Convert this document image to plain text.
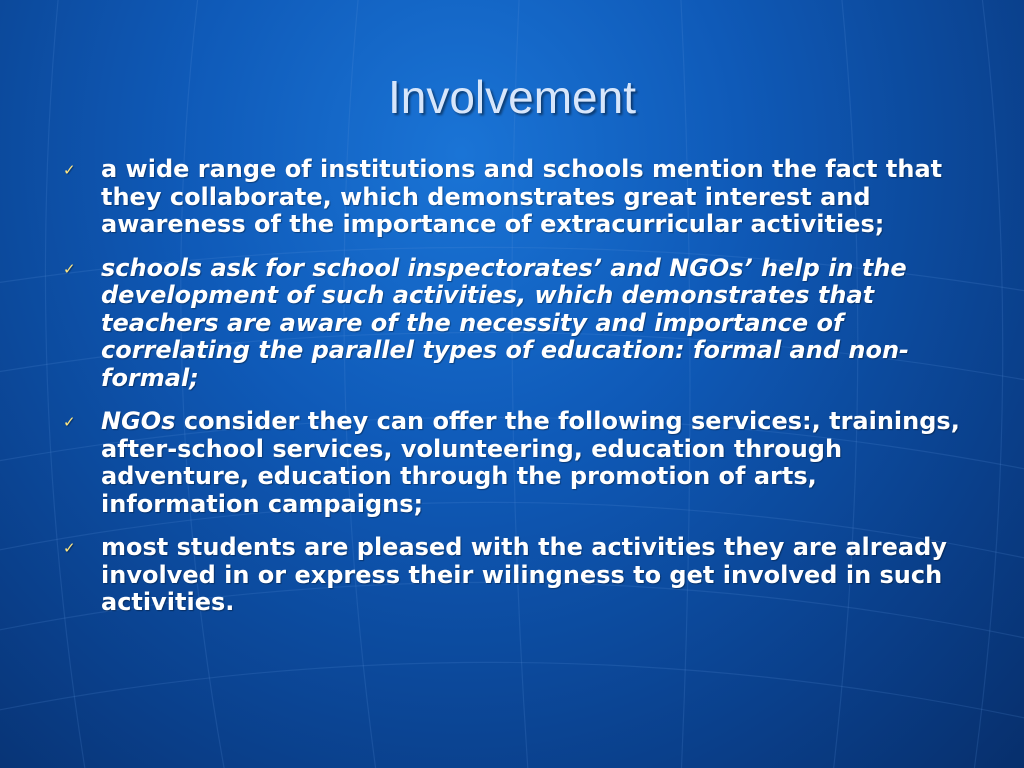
Involvement
✓ a wide range of institutions and schools mention the fact that they collaborate, which demonstrates great interest and awareness of the importance of extracurricular activities;
✓ schools ask for school inspectorates’ and NGOs’ help in the development of such activities, which demonstrates that teachers are aware of the necessity and importance of correlating the parallel types of education: formal and non-formal;
✓ NGOs consider they can offer the following services:, trainings, after-school services, volunteering, education through adventure, education through the promotion of arts, information campaigns;
✓ most students are pleased with the activities they are already involved in or express their wilingness to get involved in such activities.
